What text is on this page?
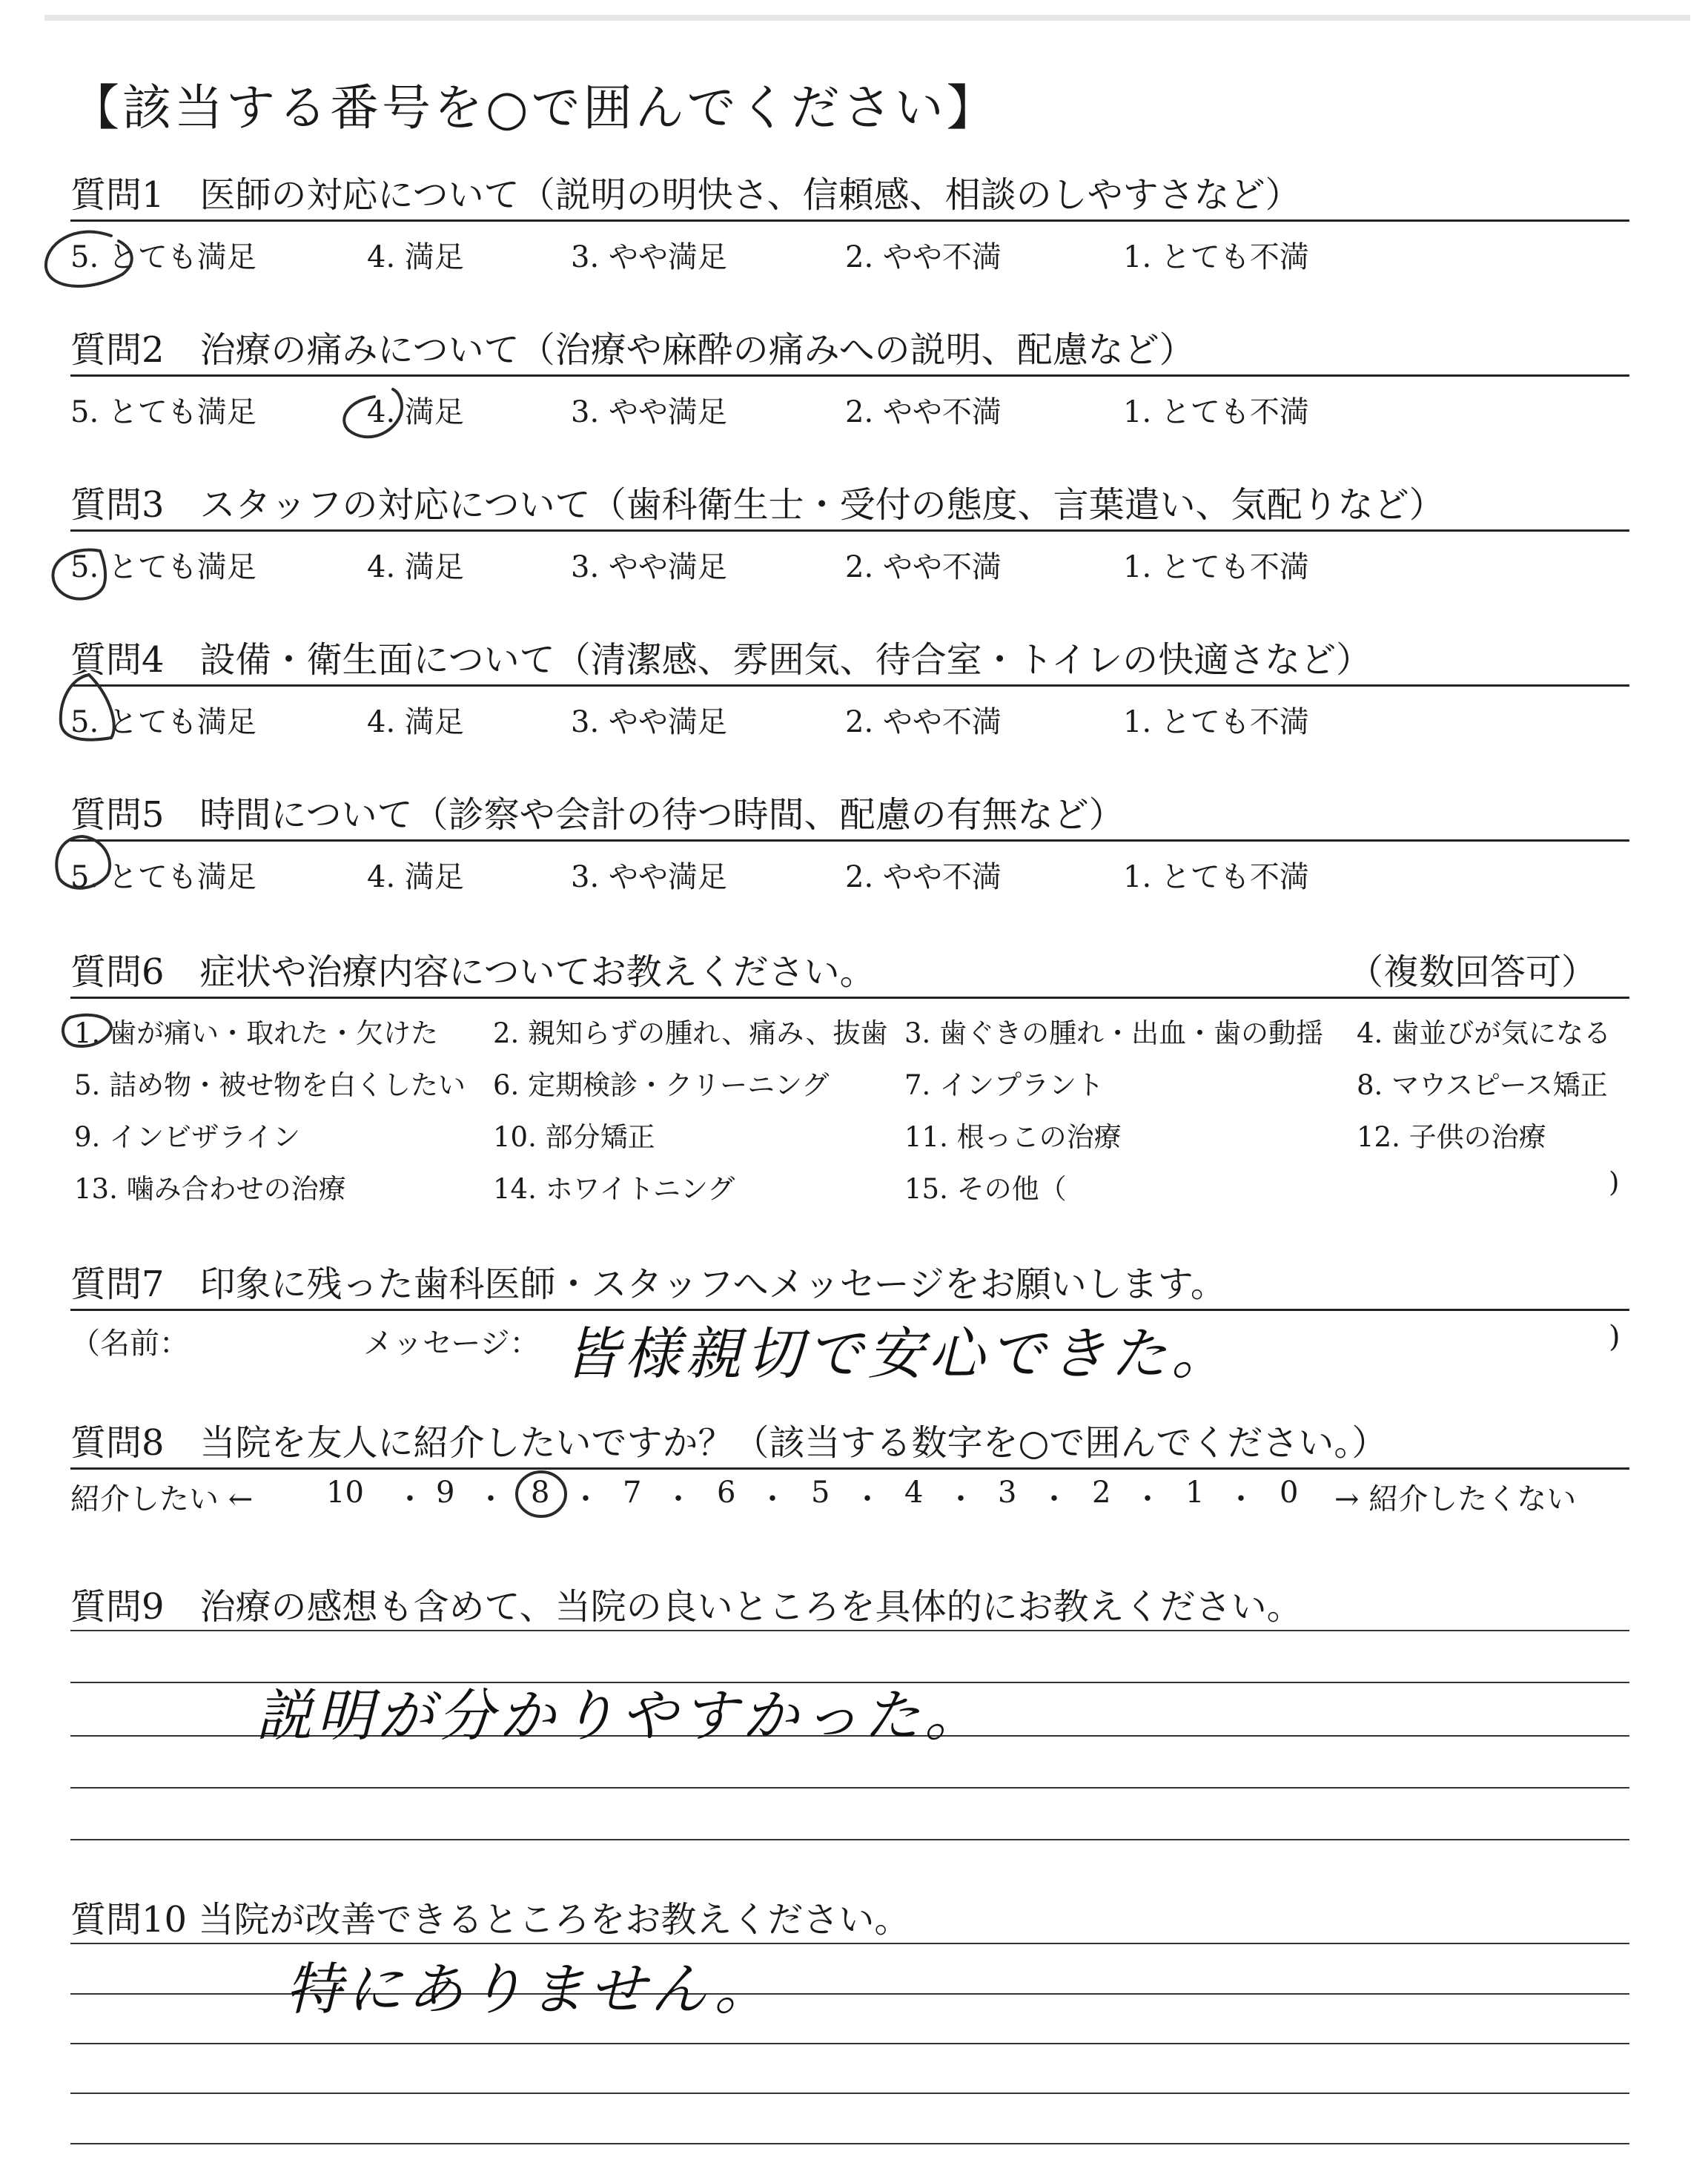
【該当する番号を○で囲んでください】
質問1　医師の対応について（説明の明快さ、信頼感、相談のしやすさなど）
5. とても満足	4. 満足	3. やや満足	2. やや不満	1. とても不満
質問2　治療の痛みについて（治療や麻酔の痛みへの説明、配慮など）
5. とても満足	4. 満足	3. やや満足	2. やや不満	1. とても不満
質問3　スタッフの対応について（歯科衛生士・受付の態度、言葉遣い、気配りなど）
5. とても満足	4. 満足	3. やや満足	2. やや不満	1. とても不満
質問4　設備・衛生面について（清潔感、雰囲気、待合室・トイレの快適さなど）
5. とても満足	4. 満足	3. やや満足	2. やや不満	1. とても不満
質問5　時間について（診察や会計の待つ時間、配慮の有無など）
5. とても満足	4. 満足	3. やや満足	2. やや不満	1. とても不満
質問6　症状や治療内容についてお教えください。	（複数回答可）
1. 歯が痛い・取れた・欠けた 2. 親知らずの腫れ、痛み、抜歯 3. 歯ぐきの腫れ・出血・歯の動揺 4. 歯並びが気になる
5. 詰め物・被せ物を白くしたい 6. 定期検診・クリーニング	7. インプラント	8. マウスピース矯正
9. インビザライン	10. 部分矯正	11. 根っこの治療	12. 子供の治療
13. 噛み合わせの治療	14. ホワイトニング	15. その他（	)
質問7　印象に残った歯科医師・スタッフへメッセージをお願いします。
（名前：	メッセージ： 皆様親切で安心できた。	)
質問8　当院を友人に紹介したいですか？（該当する数字を○で囲んでください。）
紹介したい ← 10 ・ 9 ・ 8 ・ 7 ・ 6 ・ 5 ・ 4 ・ 3 ・ 2 ・ 1 ・ 0 → 紹介したくない
質問9　治療の感想も含めて、当院の良いところを具体的にお教えください。
説明が分かりやすかった。
質問10 当院が改善できるところをお教えください。
特にありません。
